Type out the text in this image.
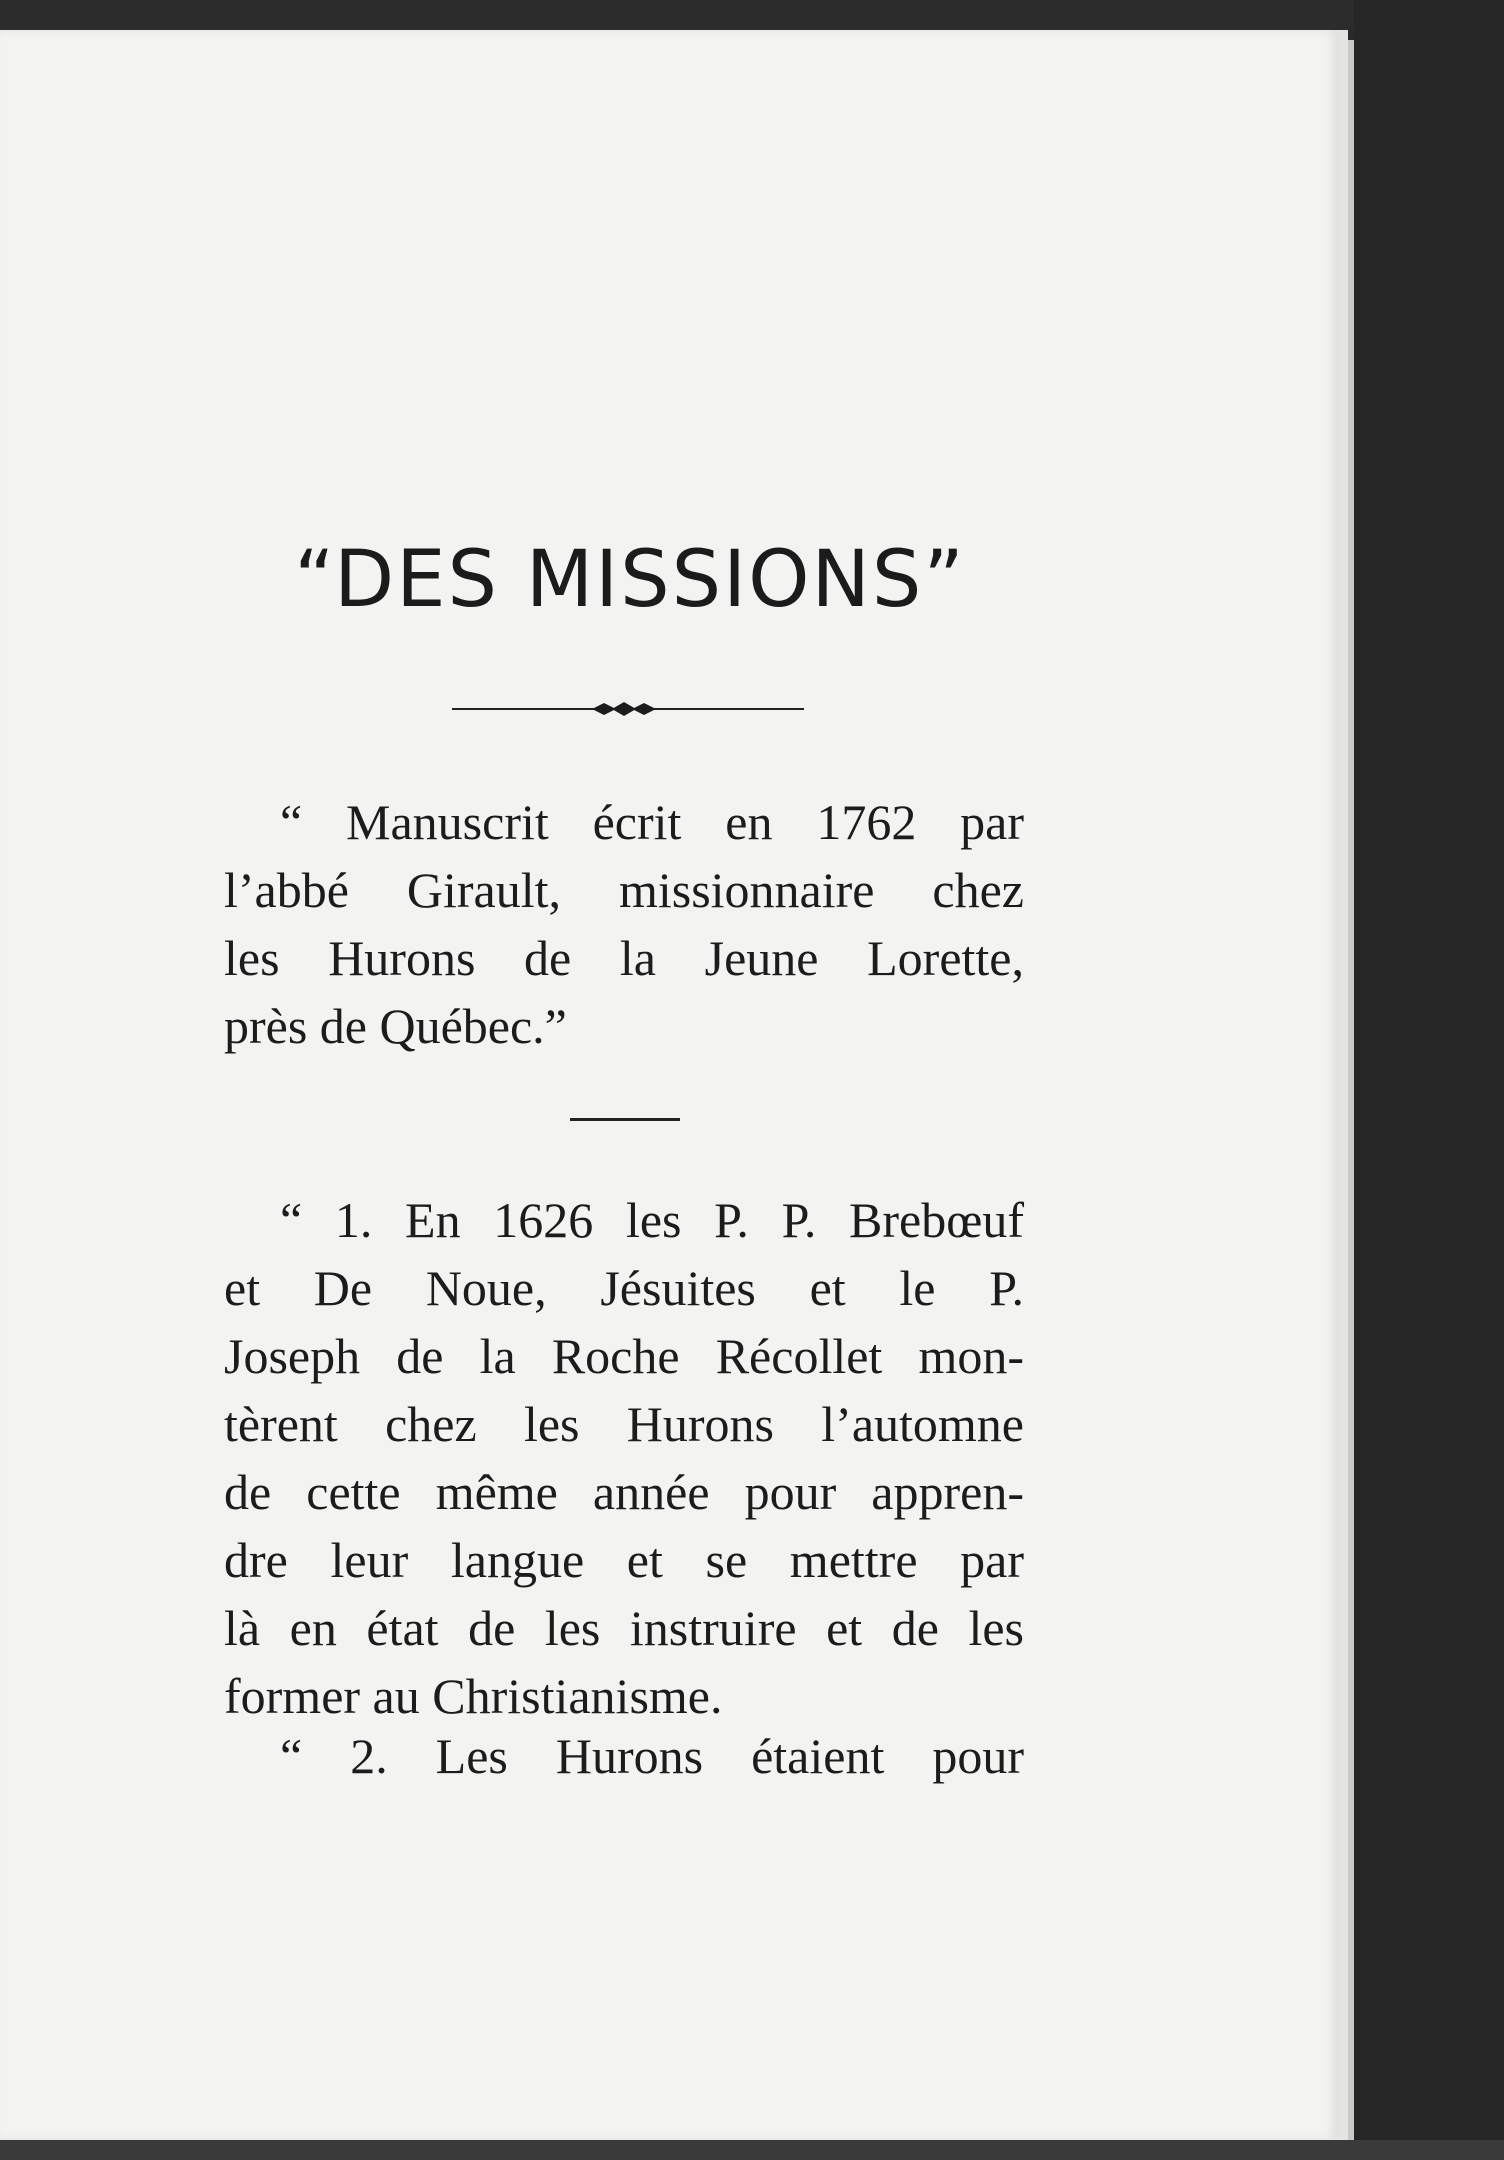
“DES MISSIONS”
“ Manuscrit écrit en 1762 par
l’abbé Girault, missionnaire chez
les Hurons de la Jeune Lorette,
près de Québec.”
“ 1. En 1626 les P. P. Brebœuf
et De Noue, Jésuites et le P.
Joseph de la Roche Récollet mon-
tèrent chez les Hurons l’automne
de cette même année pour appren-
dre leur langue et se mettre par
là en état de les instruire et de les
former au Christianisme.
“ 2. Les Hurons étaient pour
